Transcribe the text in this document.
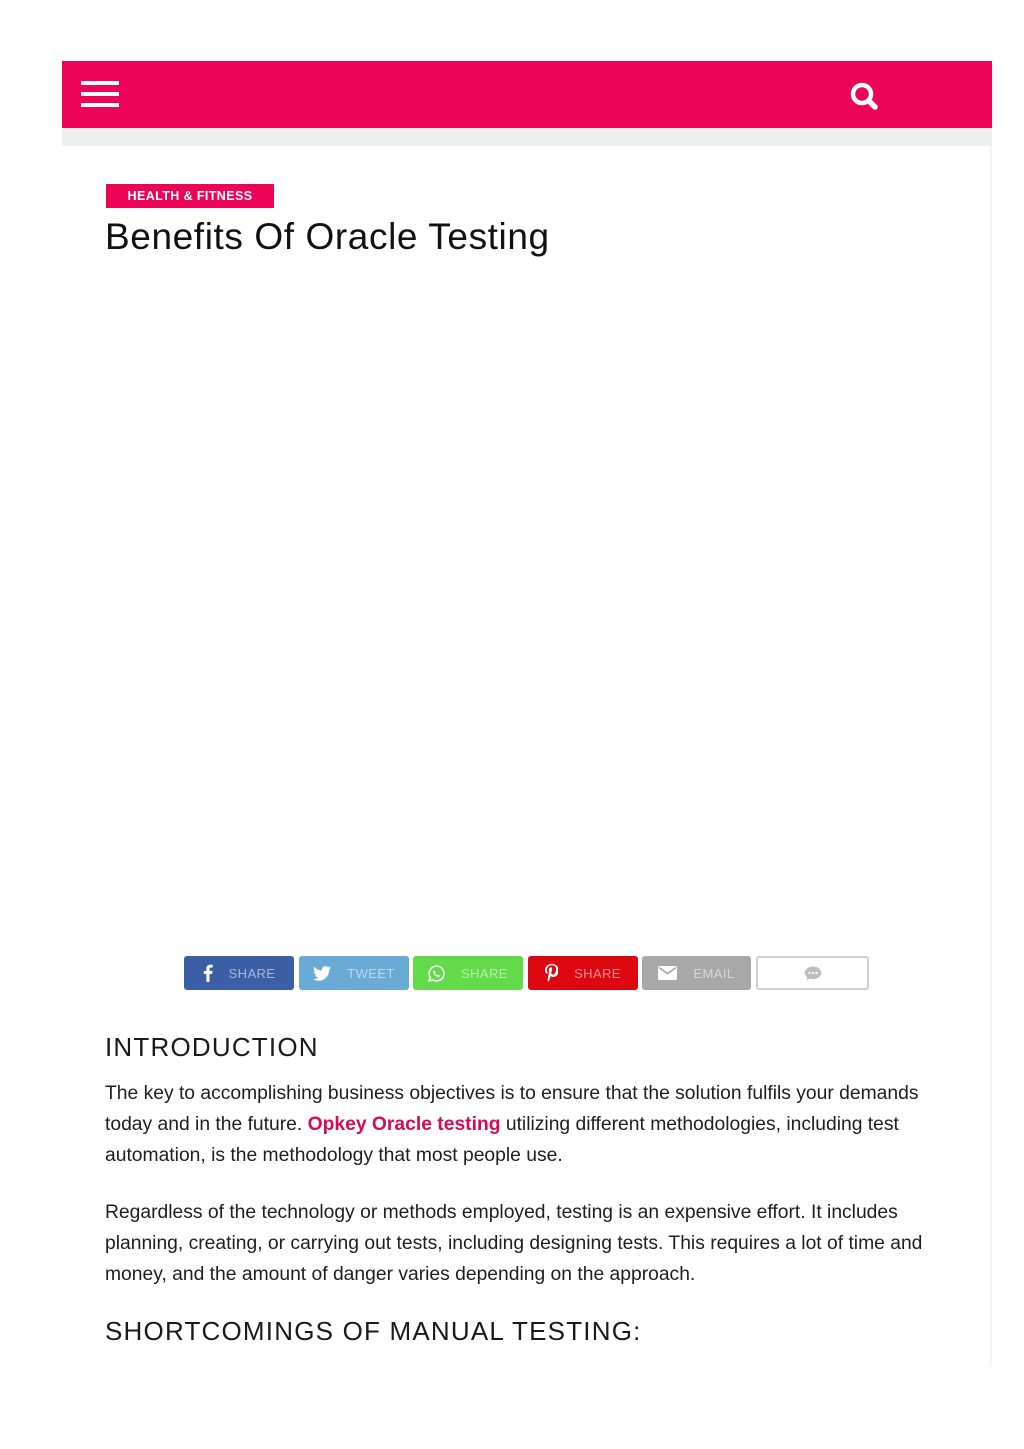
HEALTH & FITNESS
Benefits Of Oracle Testing
SHARE	TWEET	SHARE	SHARE	EMAIL
INTRODUCTION

The key to accomplishing business objectives is to ensure that the solution fulfils your demands today and in the future. Opkey Oracle testing utilizing different methodologies, including test automation, is the methodology that most people use.

Regardless of the technology or methods employed, testing is an expensive effort. It includes planning, creating, or carrying out tests, including designing tests. This requires a lot of time and money, and the amount of danger varies depending on the approach.

SHORTCOMINGS OF MANUAL TESTING:
